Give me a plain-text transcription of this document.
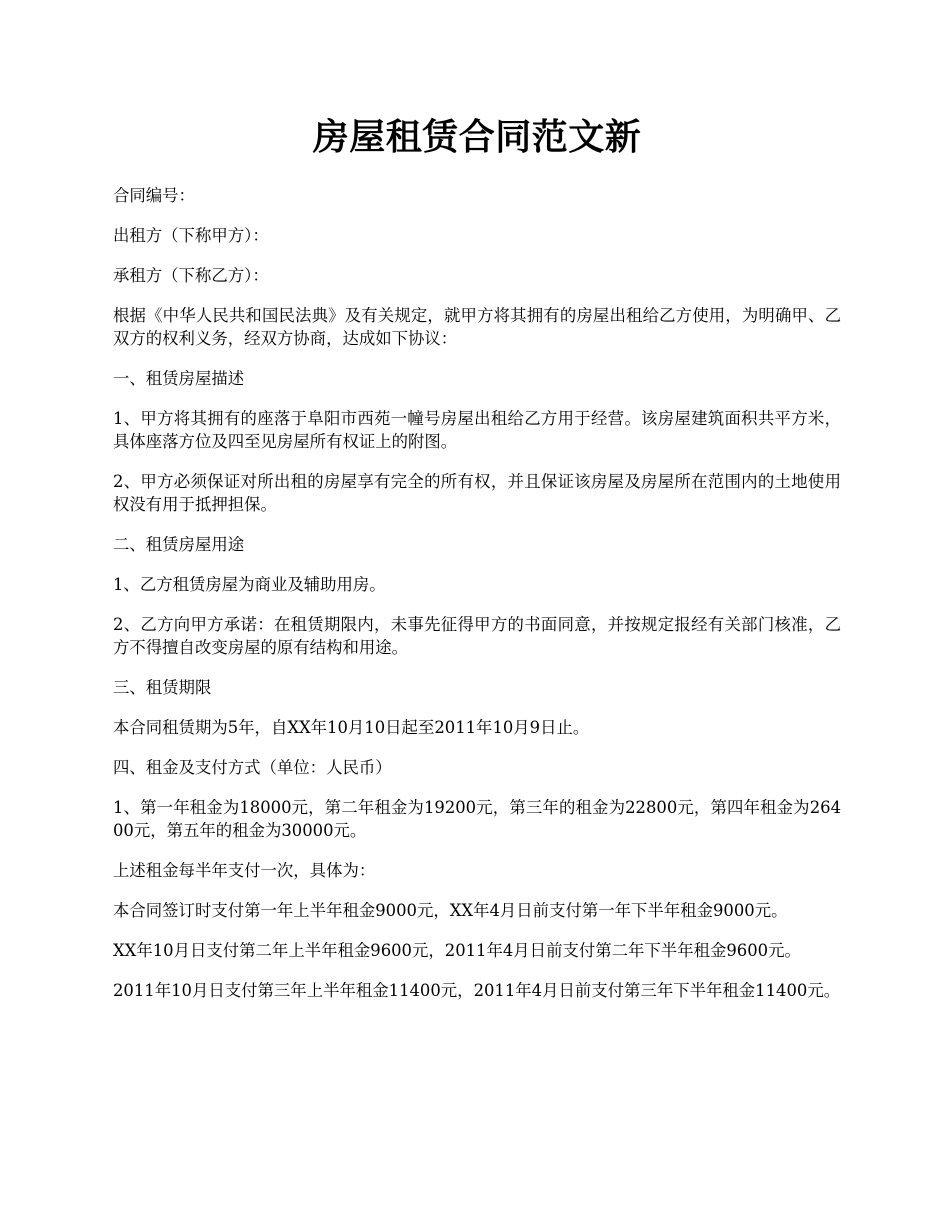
房屋租赁合同范文新

合同编号：

出租方（下称甲方）：

承租方（下称乙方）：

根据《中华人民共和国民法典》及有关规定，就甲方将其拥有的房屋出租给乙方使用，为明确甲、乙双方的权利义务，经双方协商，达成如下协议：

一、租赁房屋描述

1、甲方将其拥有的座落于阜阳市西苑一幢号房屋出租给乙方用于经营。该房屋建筑面积共平方米，具体座落方位及四至见房屋所有权证上的附图。

2、甲方必须保证对所出租的房屋享有完全的所有权，并且保证该房屋及房屋所在范围内的土地使用权没有用于抵押担保。

二、租赁房屋用途

1、乙方租赁房屋为商业及辅助用房。

2、乙方向甲方承诺：在租赁期限内，未事先征得甲方的书面同意，并按规定报经有关部门核准，乙方不得擅自改变房屋的原有结构和用途。

三、租赁期限

本合同租赁期为5年，自XX年10月10日起至2011年10月9日止。

四、租金及支付方式（单位：人民币）

1、第一年租金为18000元，第二年租金为19200元，第三年的租金为22800元，第四年租金为26400元，第五年的租金为30000元。

上述租金每半年支付一次，具体为：

本合同签订时支付第一年上半年租金9000元，XX年4月日前支付第一年下半年租金9000元。

XX年10月日支付第二年上半年租金9600元，2011年4月日前支付第二年下半年租金9600元。

2011年10月日支付第三年上半年租金11400元，2011年4月日前支付第三年下半年租金11400元。
